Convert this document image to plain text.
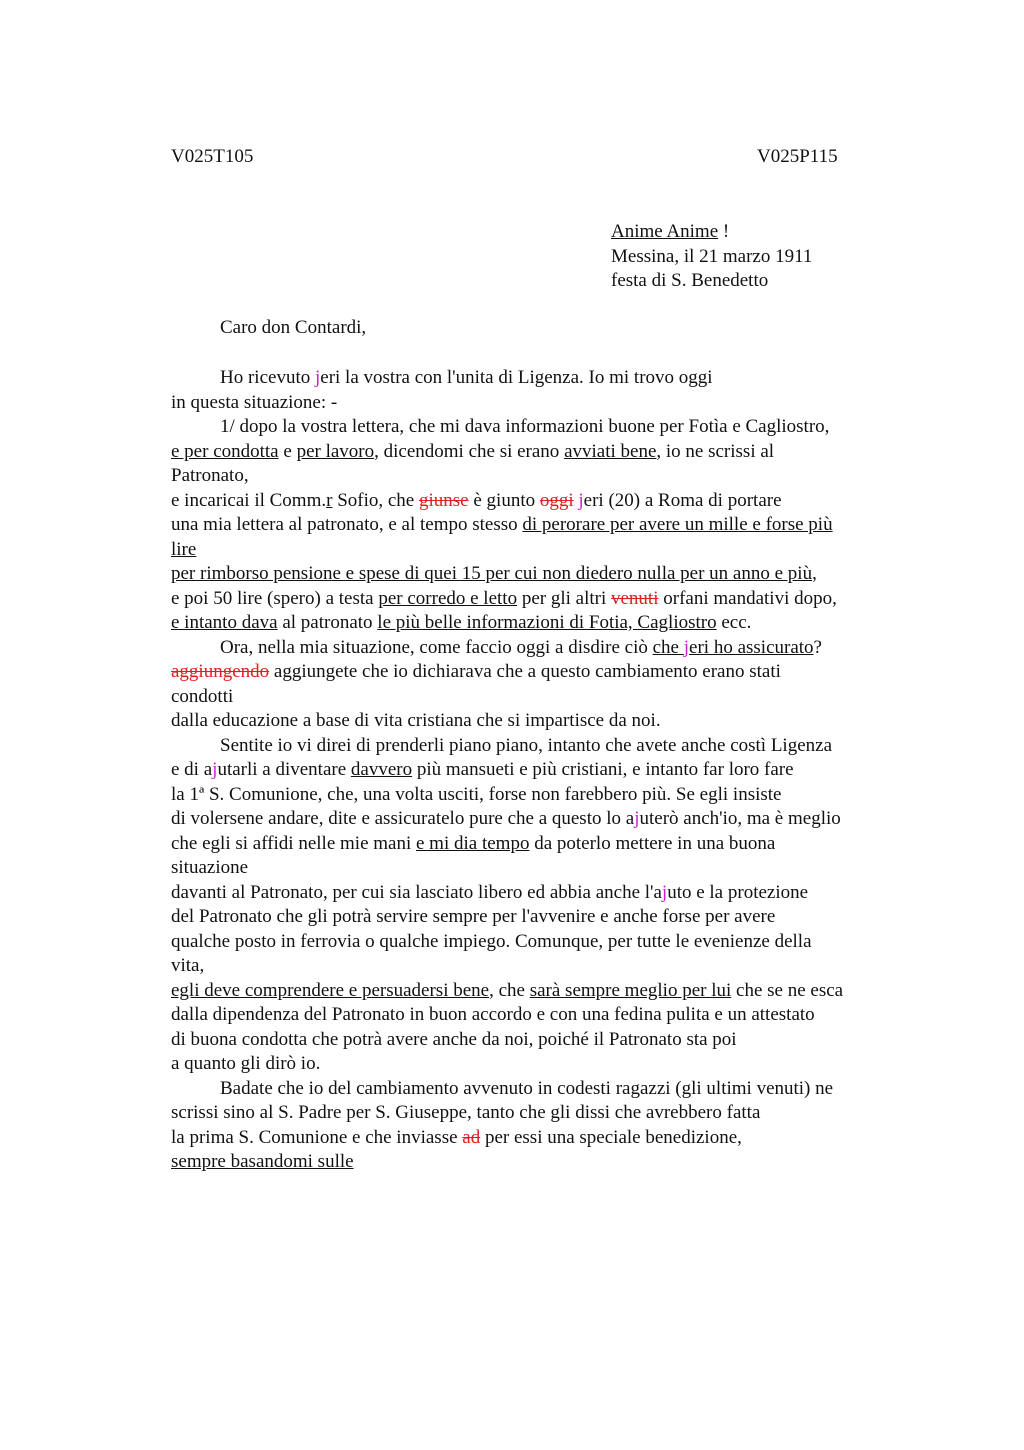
V025T105	V025P115
Anime Anime !
Messina, il 21 marzo 1911
festa di S. Benedetto
Caro don Contardi,
Ho ricevuto jeri la vostra con l'unita di Ligenza. Io mi trovo oggi
in questa situazione: -
1/ dopo la vostra lettera, che mi dava informazioni buone per Fotìa e Cagliostro,
e per condotta e per lavoro, dicendomi che si erano avviati bene, io ne scrissi al
Patronato,
e incaricai il Comm.r Sofio, che giunse è giunto oggi jeri (20) a Roma di portare
una mia lettera al patronato, e al tempo stesso di perorare per avere un mille e forse più
lire
per rimborso pensione e spese di quei 15 per cui non diedero nulla per un anno e più,
e poi 50 lire (spero) a testa per corredo e letto per gli altri venuti orfani mandativi dopo,
e intanto dava al patronato le più belle informazioni di Fotia, Cagliostro ecc.
Ora, nella mia situazione, come faccio oggi a disdire ciò che jeri ho assicurato?
aggiungendo aggiungete che io dichiarava che a questo cambiamento erano stati
condotti
dalla educazione a base di vita cristiana che si impartisce da noi.
Sentite io vi direi di prenderli piano piano, intanto che avete anche costì Ligenza
e di ajutarli a diventare davvero più mansueti e più cristiani, e intanto far loro fare
la 1ª S. Comunione, che, una volta usciti, forse non farebbero più. Se egli insiste
di volersene andare, dite e assicuratelo pure che a questo lo ajuterò anch'io, ma è meglio
che egli si affidi nelle mie mani e mi dia tempo da poterlo mettere in una buona
situazione
davanti al Patronato, per cui sia lasciato libero ed abbia anche l'ajuto e la protezione
del Patronato che gli potrà servire sempre per l'avvenire e anche forse per avere
qualche posto in ferrovia o qualche impiego. Comunque, per tutte le evenienze della
vita,
egli deve comprendere e persuadersi bene, che sarà sempre meglio per lui che se ne esca
dalla dipendenza del Patronato in buon accordo e con una fedina pulita e un attestato
di buona condotta che potrà avere anche da noi, poiché il Patronato sta poi
a quanto gli dirò io.
Badate che io del cambiamento avvenuto in codesti ragazzi (gli ultimi venuti) ne
scrissi sino al S. Padre per S. Giuseppe, tanto che gli dissi che avrebbero fatta
la prima S. Comunione e che inviasse ad per essi una speciale benedizione,
sempre basandomi sulle
